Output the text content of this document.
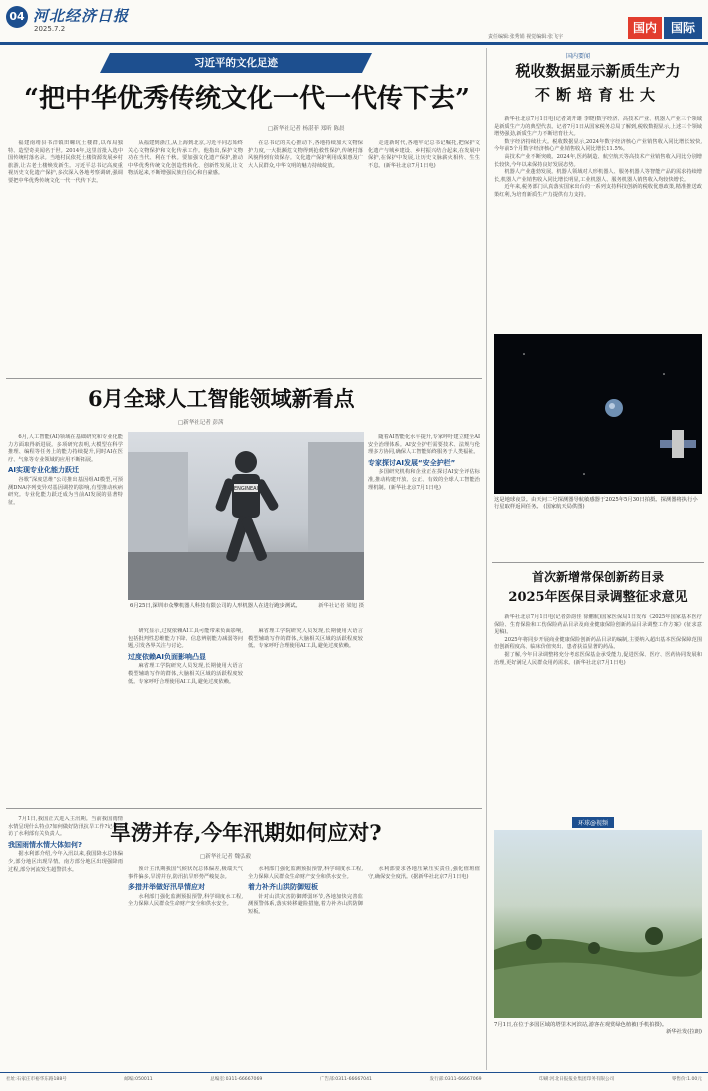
04 河北经济日报
2025.7.2
责任编辑:张秀娟 视觉编辑:张飞宇
国内	国际
习近平的文化足迹
“把中华优秀传统文化一代一代传下去”
□新华社记者 杨湛菲 郑昕 陈晨

福建南靖县书洋镇田螺坑土楼群,以布局独特、造型奇美闻名于世。2014年,这里首批入选中国传统村落名录。当地村民依托土楼资源发展乡村旅游,让古老土楼焕发新生。习近平总书记高度重视历史文化遗产保护,多次深入各地考察调研,强调要把中华优秀传统文化一代一代传下去。

从福建到浙江,从上海到北京,习近平同志始终关心文物保护和文化传承工作。他指出,保护文物功在当代、利在千秋。要加强文化遗产保护,推动中华优秀传统文化创造性转化、创新性发展,让文物活起来,不断增强民族自信心和自豪感。

在总书记的关心推动下,各地持续加大文物保护力度,一大批濒危文物得到抢救性保护,传统村落风貌得到有效保存。文化遗产保护利用成果惠及广大人民群众,中华文明的魅力持续绽放。

走进新时代,各地牢记总书记嘱托,把保护文化遗产与城乡建设、乡村振兴结合起来,在发展中保护,在保护中发展,让历史文脉薪火相传、生生不息。(新华社北京7月1日电)

6月全球人工智能领域新看点
□新华社记者 彭茜

6月,人工智能(AI)领域在基础研究和专业化能力方面取得新进展。多项研究表明,大模型在科学推理、编程等任务上的能力持续提升,同时AI在医疗、气象等专业领域的应用不断拓展。

AI实现专业化能力跃迁

谷歌“深度思维”公司推出基因组AI模型,可预测DNA序列变异对基因调控的影响,有望推动疾病研究。专业化能力跃迁成为当前AI发展的显著特征。

ENGINEAI
6月25日,深圳市众擎机器人科技有限公司的人形机器人在进行跑步测试。	新华社记者 梁旭 摄

研究显示,过度依赖AI工具可能带来负面影响,包括批判性思维能力下降、信息辨别能力减弱等问题,引发各界关注与讨论。

过度依赖AI负面影响凸显

麻省理工学院研究人员发现,长期使用大语言模型辅助写作的群体,大脑相关区域的活跃程度较低。专家呼吁合理使用AI工具,避免过度依赖。

麻省理工学院研究人员发现,长期使用大语言模型辅助写作的群体,大脑相关区域的活跃程度较低。专家呼吁合理使用AI工具,避免过度依赖。

随着AI智能化水平提升,专家呼吁建立健全AI安全治理体系。AI安全护栏需要技术、法规与伦理多方协同,确保人工智能始终服务于人类福祉。

专家探讨AI发展“安全护栏”

多国研究机构和企业正在探讨AI安全评估标准,推动构建开放、公正、有效的全球人工智能治理机制。(新华社北京7月1日电)

7月1日,我国正式进入主汛期。当前我国雨情水情呈现什么特点?如何做好防汛抗旱工作?记者采访了水利部有关负责人。

我国雨情水情大体如何?

据水利部介绍,今年入汛以来,我国降水总体偏少,部分地区出现旱情。南方部分地区出现强降雨过程,部分河流发生超警洪水。

旱涝并存,今年汛期如何应对?
□新华社记者 魏弘毅

预计主汛期我国气候状况总体偏差,极端天气事件偏多,旱涝并存,防汛抗旱形势严峻复杂。

多措并举做好汛旱情应对

水利部门强化监测预报预警,科学调度水工程,全力保障人民群众生命财产安全和供水安全。

水利部门强化监测预报预警,科学调度水工程,全力保障人民群众生命财产安全和供水安全。

着力补齐山洪防御短板

针对山洪灾害防御薄弱环节,各地加快完善监测预警体系,落实转移避险措施,着力补齐山洪防御短板。

水利部要求各地压紧压实责任,强化值班值守,确保安全度汛。(据新华社北京7月1日电)

国内要闻
税收数据显示新质生产力
不断培育壮大

新华社北京7月1日电(记者刘开雄 李晓)数字经济、高技术产业、机器人产业三个领域是新质生产力的典型代表。记者7月1日从国家税务总局了解到,税收数据显示,上述三个领域增势强劲,新质生产力不断培育壮大。

数字经济持续壮大。税收数据显示,2024年数字经济核心产业销售收入同比增长较快,今年前5个月数字经济核心产业销售收入同比增长11.5%。

高技术产业不断突破。2024年,医药制造、航空航天等高技术产业销售收入同比分别增长较快,今年以来保持良好发展态势。

机器人产业蓬勃发展。机器人领域对人形机器人、服务机器人等智能产品的需求持续增长,机器人产业销售收入同比增长明显,工业机器人、服务机器人销售收入均较快增长。

近年来,税务部门认真落实国家出台的一系列支持科技创新的税收优惠政策,精准推送政策红利,为培育新质生产力提供有力支持。

这是地球夜景。由天问二号探测器导航敏感器于2025年5月30日拍摄。探测器将执行小行星取样返回任务。 (国家航天局供图)
首次新增常保创新药目录
2025年医保目录调整征求意见

新华社北京7月1日电(记者彭韵佳 徐鹏航)国家医保局1日发布《2025年国家基本医疗保险、生育保险和工伤保险药品目录及商业健康保险创新药品目录调整工作方案》(征求意见稿)。

2025年将同步开展商业健康保险创新药品目录的编制,主要纳入超出基本医保保障范围但创新程度高、临床价值突出、患者获益显著的药品。

据了解,今年目录调整将充分考虑医保基金承受能力,促进医保、医疗、医药协同发展和治理,更好满足人民群众用药需求。(新华社北京7月1日电)

环球@视频
7月1日,在位于多国区域的塔里木河滨站,游客在观赏绿色植被(手机拍摄)。
新华社发(拉朗)
社址:石家庄市裕华东路188号	邮编:050011	总编室:0311-66667069	广告部:0311-66667041	发行部:0311-66667069	印刷:河北日报报业集团印务有限公司	零售价:1.00元
